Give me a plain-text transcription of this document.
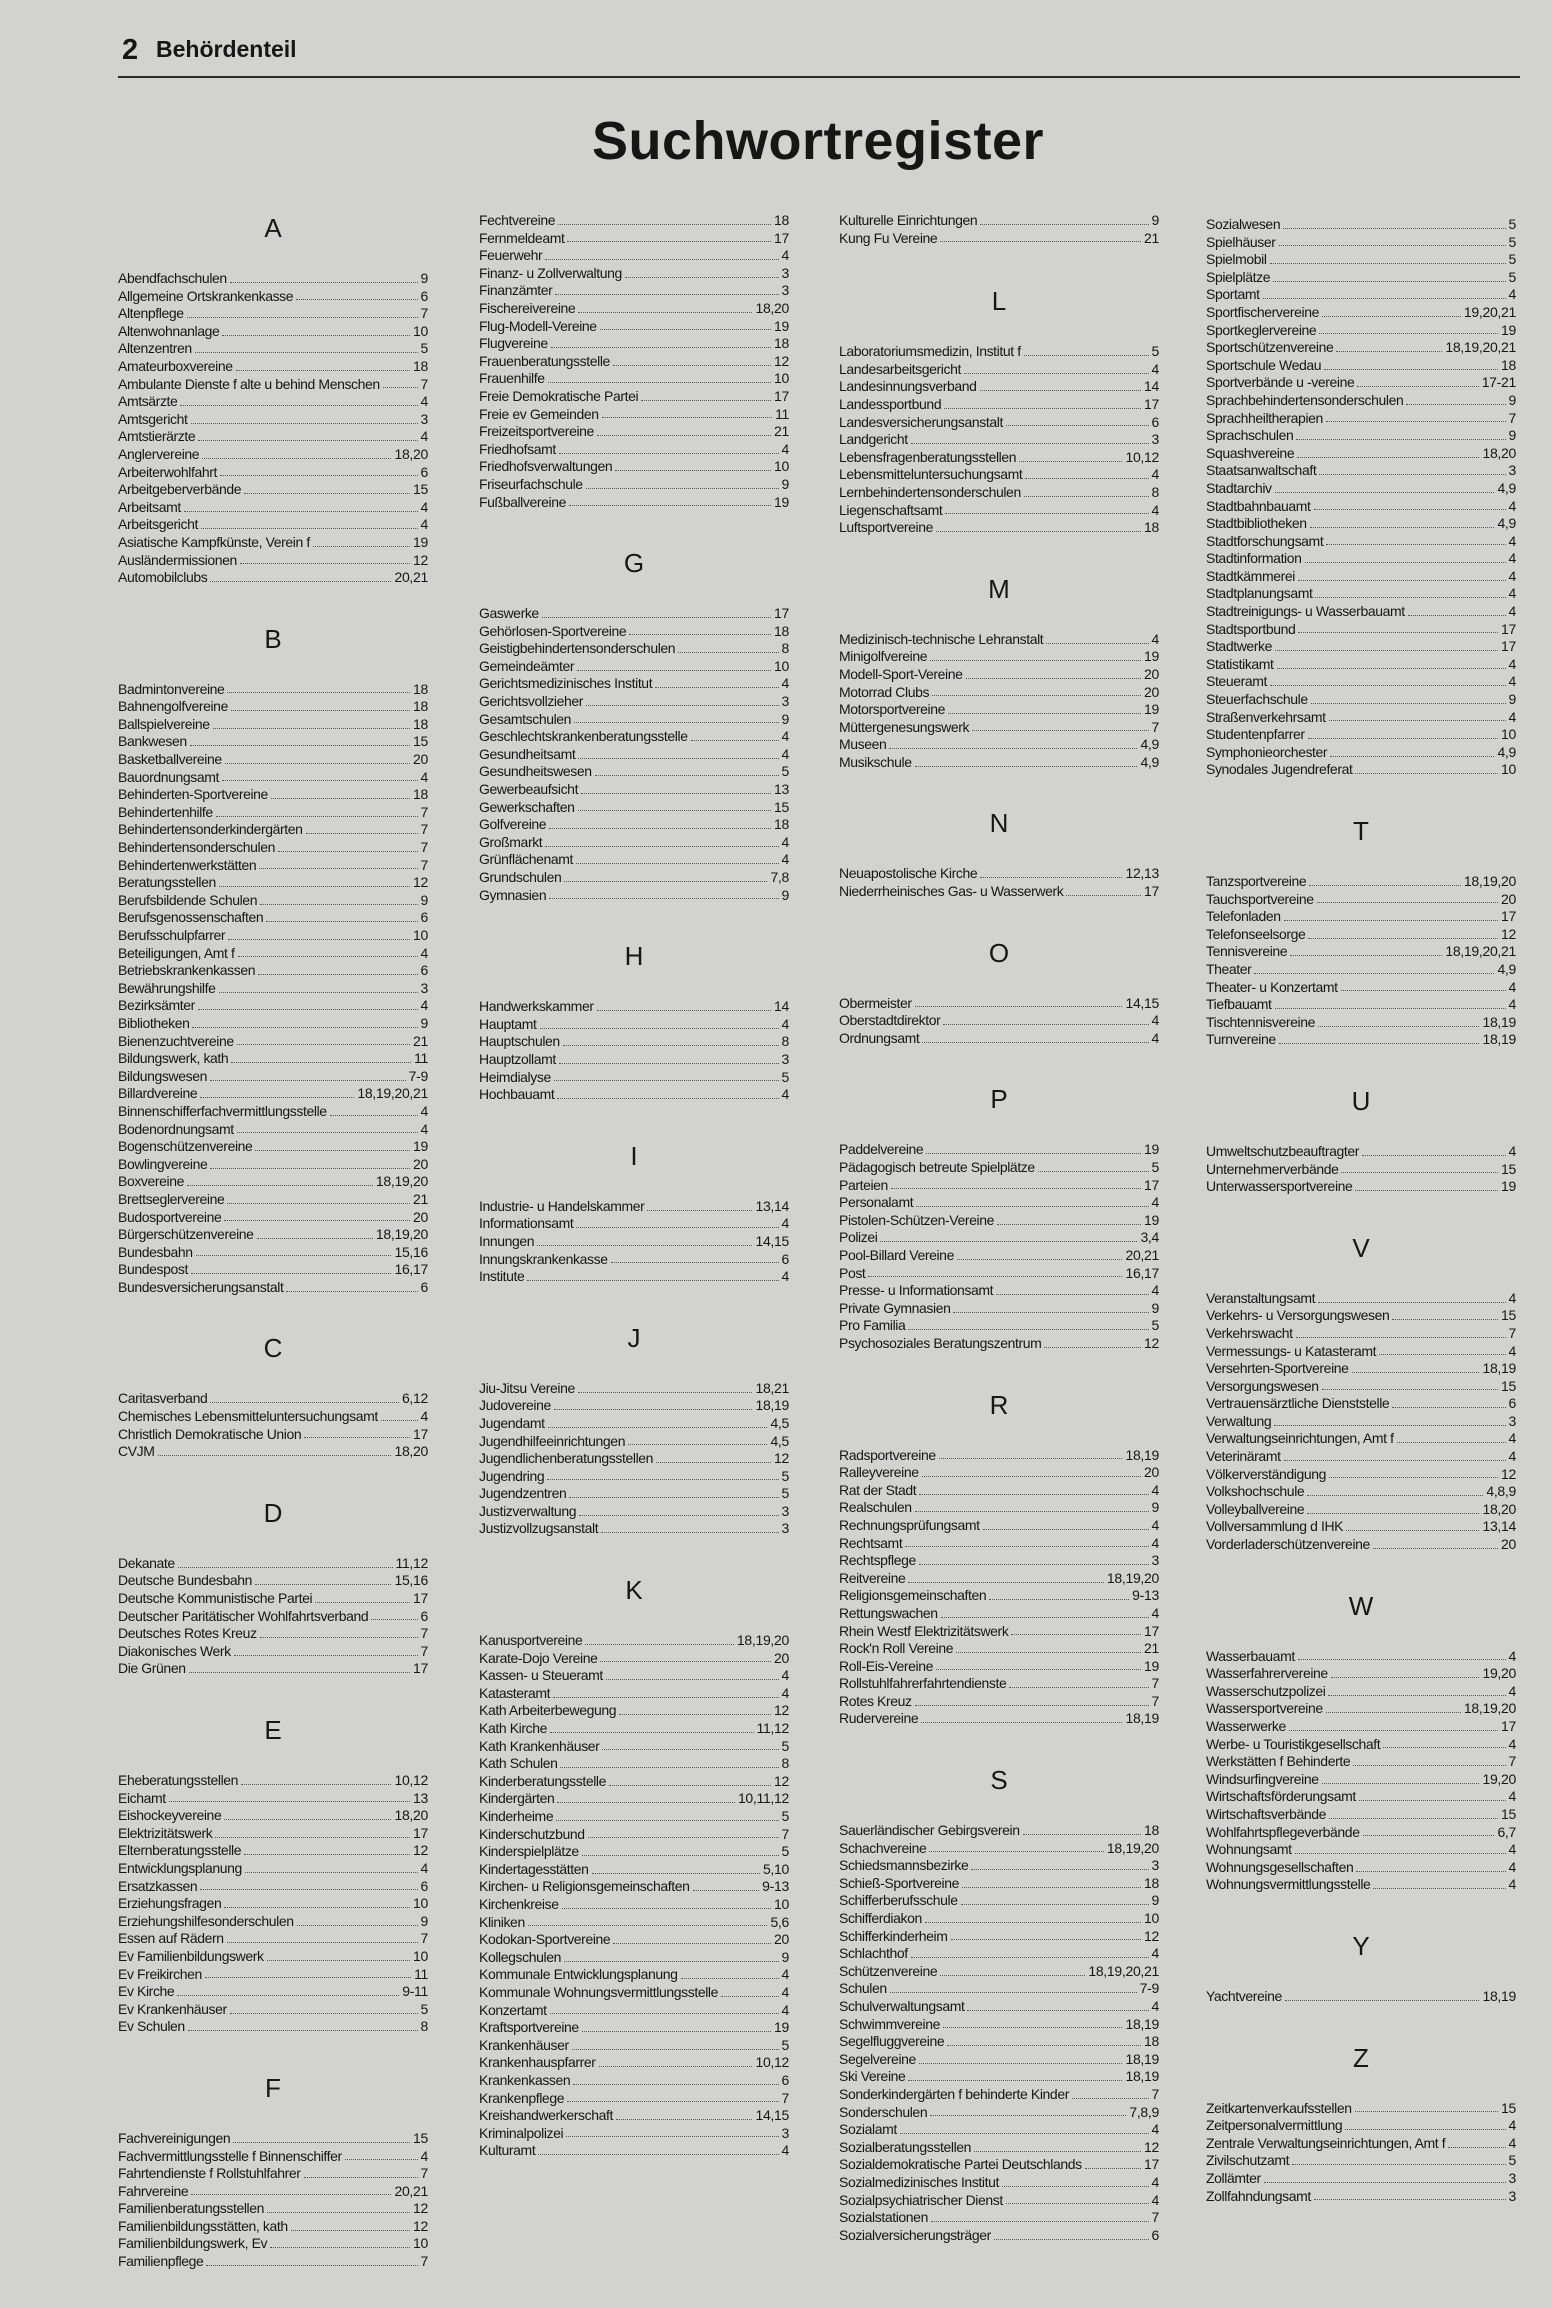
2 Behördenteil
Suchwortregister
A
Abendfachschulen	9
Allgemeine Ortskrankenkasse	6
Altenpflege	7
Altenwohnanlage	10
Altenzentren	5
Amateurboxvereine	18
Ambulante Dienste f alte u behind Menschen	7
Amtsärzte	4
Amtsgericht	3
Amtstierärzte	4
Anglervereine	18,20
Arbeiterwohlfahrt	6
Arbeitgeberverbände	15
Arbeitsamt	4
Arbeitsgericht	4
Asiatische Kampfkünste, Verein f	19
Ausländermissionen	12
Automobilclubs	20,21
B
Badmintonvereine	18
Bahnengolfvereine	18
Ballspielvereine	18
Bankwesen	15
Basketballvereine	20
Bauordnungsamt	4
Behinderten-Sportvereine	18
Behindertenhilfe	7
Behindertensonderkindergärten	7
Behindertensonderschulen	7
Behindertenwerkstätten	7
Beratungsstellen	12
Berufsbildende Schulen	9
Berufsgenossenschaften	6
Berufsschulpfarrer	10
Beteiligungen, Amt f	4
Betriebskrankenkassen	6
Bewährungshilfe	3
Bezirksämter	4
Bibliotheken	9
Bienenzuchtvereine	21
Bildungswerk, kath	11
Bildungswesen	7-9
Billardvereine	18,19,20,21
Binnenschifferfachvermittlungsstelle	4
Bodenordnungsamt	4
Bogenschützenvereine	19
Bowlingvereine	20
Boxvereine	18,19,20
Brettseglervereine	21
Budosportvereine	20
Bürgerschützenvereine	18,19,20
Bundesbahn	15,16
Bundespost	16,17
Bundesversicherungsanstalt	6
C
Caritasverband	6,12
Chemisches Lebensmitteluntersuchungsamt	4
Christlich Demokratische Union	17
CVJM	18,20
D
Dekanate	11,12
Deutsche Bundesbahn	15,16
Deutsche Kommunistische Partei	17
Deutscher Paritätischer Wohlfahrtsverband	6
Deutsches Rotes Kreuz	7
Diakonisches Werk	7
Die Grünen	17
E
Eheberatungsstellen	10,12
Eichamt	13
Eishockeyvereine	18,20
Elektrizitätswerk	17
Elternberatungsstelle	12
Entwicklungsplanung	4
Ersatzkassen	6
Erziehungsfragen	10
Erziehungshilfesonderschulen	9
Essen auf Rädern	7
Ev Familienbildungswerk	10
Ev Freikirchen	11
Ev Kirche	9-11
Ev Krankenhäuser	5
Ev Schulen	8
F
Fachvereinigungen	15
Fachvermittlungsstelle f Binnenschiffer	4
Fahrtendienste f Rollstuhlfahrer	7
Fahrvereine	20,21
Familienberatungsstellen	12
Familienbildungsstätten, kath	12
Familienbildungswerk, Ev	10
Familienpflege	7
Fechtvereine	18
Fernmeldeamt	17
Feuerwehr	4
Finanz- u Zollverwaltung	3
Finanzämter	3
Fischereivereine	18,20
Flug-Modell-Vereine	19
Flugvereine	18
Frauenberatungsstelle	12
Frauenhilfe	10
Freie Demokratische Partei	17
Freie ev Gemeinden	11
Freizeitsportvereine	21
Friedhofsamt	4
Friedhofsverwaltungen	10
Friseurfachschule	9
Fußballvereine	19
G
Gaswerke	17
Gehörlosen-Sportvereine	18
Geistigbehindertensonderschulen	8
Gemeindeämter	10
Gerichtsmedizinisches Institut	4
Gerichtsvollzieher	3
Gesamtschulen	9
Geschlechtskrankenberatungsstelle	4
Gesundheitsamt	4
Gesundheitswesen	5
Gewerbeaufsicht	13
Gewerkschaften	15
Golfvereine	18
Großmarkt	4
Grünflächenamt	4
Grundschulen	7,8
Gymnasien	9
H
Handwerkskammer	14
Hauptamt	4
Hauptschulen	8
Hauptzollamt	3
Heimdialyse	5
Hochbauamt	4
I
Industrie- u Handelskammer	13,14
Informationsamt	4
Innungen	14,15
Innungskrankenkasse	6
Institute	4
J
Jiu-Jitsu Vereine	18,21
Judovereine	18,19
Jugendamt	4,5
Jugendhilfeeinrichtungen	4,5
Jugendlichenberatungsstellen	12
Jugendring	5
Jugendzentren	5
Justizverwaltung	3
Justizvollzugsanstalt	3
K
Kanusportvereine	18,19,20
Karate-Dojo Vereine	20
Kassen- u Steueramt	4
Katasteramt	4
Kath Arbeiterbewegung	12
Kath Kirche	11,12
Kath Krankenhäuser	5
Kath Schulen	8
Kinderberatungsstelle	12
Kindergärten	10,11,12
Kinderheime	5
Kinderschutzbund	7
Kinderspielplätze	5
Kindertagesstätten	5,10
Kirchen- u Religionsgemeinschaften	9-13
Kirchenkreise	10
Kliniken	5,6
Kodokan-Sportvereine	20
Kollegschulen	9
Kommunale Entwicklungsplanung	4
Kommunale Wohnungsvermittlungsstelle	4
Konzertamt	4
Kraftsportvereine	19
Krankenhäuser	5
Krankenhauspfarrer	10,12
Krankenkassen	6
Krankenpflege	7
Kreishandwerkerschaft	14,15
Kriminalpolizei	3
Kulturamt	4
Kulturelle Einrichtungen	9
Kung Fu Vereine	21
L
Laboratoriumsmedizin, Institut f	5
Landesarbeitsgericht	4
Landesinnungsverband	14
Landessportbund	17
Landesversicherungsanstalt	6
Landgericht	3
Lebensfragenberatungsstellen	10,12
Lebensmitteluntersuchungsamt	4
Lernbehindertensonderschulen	8
Liegenschaftsamt	4
Luftsportvereine	18
M
Medizinisch-technische Lehranstalt	4
Minigolfvereine	19
Modell-Sport-Vereine	20
Motorrad Clubs	20
Motorsportvereine	19
Müttergenesungswerk	7
Museen	4,9
Musikschule	4,9
N
Neuapostolische Kirche	12,13
Niederrheinisches Gas- u Wasserwerk	17
O
Obermeister	14,15
Oberstadtdirektor	4
Ordnungsamt	4
P
Paddelvereine	19
Pädagogisch betreute Spielplätze	5
Parteien	17
Personalamt	4
Pistolen-Schützen-Vereine	19
Polizei	3,4
Pool-Billard Vereine	20,21
Post	16,17
Presse- u Informationsamt	4
Private Gymnasien	9
Pro Familia	5
Psychosoziales Beratungszentrum	12
R
Radsportvereine	18,19
Ralleyvereine	20
Rat der Stadt	4
Realschulen	9
Rechnungsprüfungsamt	4
Rechtsamt	4
Rechtspflege	3
Reitvereine	18,19,20
Religionsgemeinschaften	9-13
Rettungswachen	4
Rhein Westf Elektrizitätswerk	17
Rock'n Roll Vereine	21
Roll-Eis-Vereine	19
Rollstuhlfahrerfahrtendienste	7
Rotes Kreuz	7
Rudervereine	18,19
S
Sauerländischer Gebirgsverein	18
Schachvereine	18,19,20
Schiedsmannsbezirke	3
Schieß-Sportvereine	18
Schifferberufsschule	9
Schifferdiakon	10
Schifferkinderheim	12
Schlachthof	4
Schützenvereine	18,19,20,21
Schulen	7-9
Schulverwaltungsamt	4
Schwimmvereine	18,19
Segelfluggvereine	18
Segelvereine	18,19
Ski Vereine	18,19
Sonderkindergärten f behinderte Kinder	7
Sonderschulen	7,8,9
Sozialamt	4
Sozialberatungsstellen	12
Sozialdemokratische Partei Deutschlands	17
Sozialmedizinisches Institut	4
Sozialpsychiatrischer Dienst	4
Sozialstationen	7
Sozialversicherungsträger	6
Sozialwesen	5
Spielhäuser	5
Spielmobil	5
Spielplätze	5
Sportamt	4
Sportfischervereine	19,20,21
Sportkeglervereine	19
Sportschützenvereine	18,19,20,21
Sportschule Wedau	18
Sportverbände u -vereine	17-21
Sprachbehindertensonderschulen	9
Sprachheiltherapien	7
Sprachschulen	9
Squashvereine	18,20
Staatsanwaltschaft	3
Stadtarchiv	4,9
Stadtbahnbauamt	4
Stadtbibliotheken	4,9
Stadtforschungsamt	4
Stadtinformation	4
Stadtkämmerei	4
Stadtplanungsamt	4
Stadtreinigungs- u Wasserbauamt	4
Stadtsportbund	17
Stadtwerke	17
Statistikamt	4
Steueramt	4
Steuerfachschule	9
Straßenverkehrsamt	4
Studentenpfarrer	10
Symphonieorchester	4,9
Synodales Jugendreferat	10
T
Tanzsportvereine	18,19,20
Tauchsportvereine	20
Telefonladen	17
Telefonseelsorge	12
Tennisvereine	18,19,20,21
Theater	4,9
Theater- u Konzertamt	4
Tiefbauamt	4
Tischtennisvereine	18,19
Turnvereine	18,19
U
Umweltschutzbeauftragter	4
Unternehmerverbände	15
Unterwassersportvereine	19
V
Veranstaltungsamt	4
Verkehrs- u Versorgungswesen	15
Verkehrswacht	7
Vermessungs- u Katasteramt	4
Versehrten-Sportvereine	18,19
Versorgungswesen	15
Vertrauensärztliche Dienststelle	6
Verwaltung	3
Verwaltungseinrichtungen, Amt f	4
Veterinäramt	4
Völkerverständigung	12
Volkshochschule	4,8,9
Volleyballvereine	18,20
Vollversammlung d IHK	13,14
Vorderladerschützenvereine	20
W
Wasserbauamt	4
Wasserfahrervereine	19,20
Wasserschutzpolizei	4
Wassersportvereine	18,19,20
Wasserwerke	17
Werbe- u Touristikgesellschaft	4
Werkstätten f Behinderte	7
Windsurfingvereine	19,20
Wirtschaftsförderungsamt	4
Wirtschaftsverbände	15
Wohlfahrtspflegeverbände	6,7
Wohnungsamt	4
Wohnungsgesellschaften	4
Wohnungsvermittlungsstelle	4
Y
Yachtvereine	18,19
Z
Zeitkartenverkaufsstellen	15
Zeitpersonalvermittlung	4
Zentrale Verwaltungseinrichtungen, Amt f	4
Zivilschutzamt	5
Zollämter	3
Zollfahndungsamt	3
